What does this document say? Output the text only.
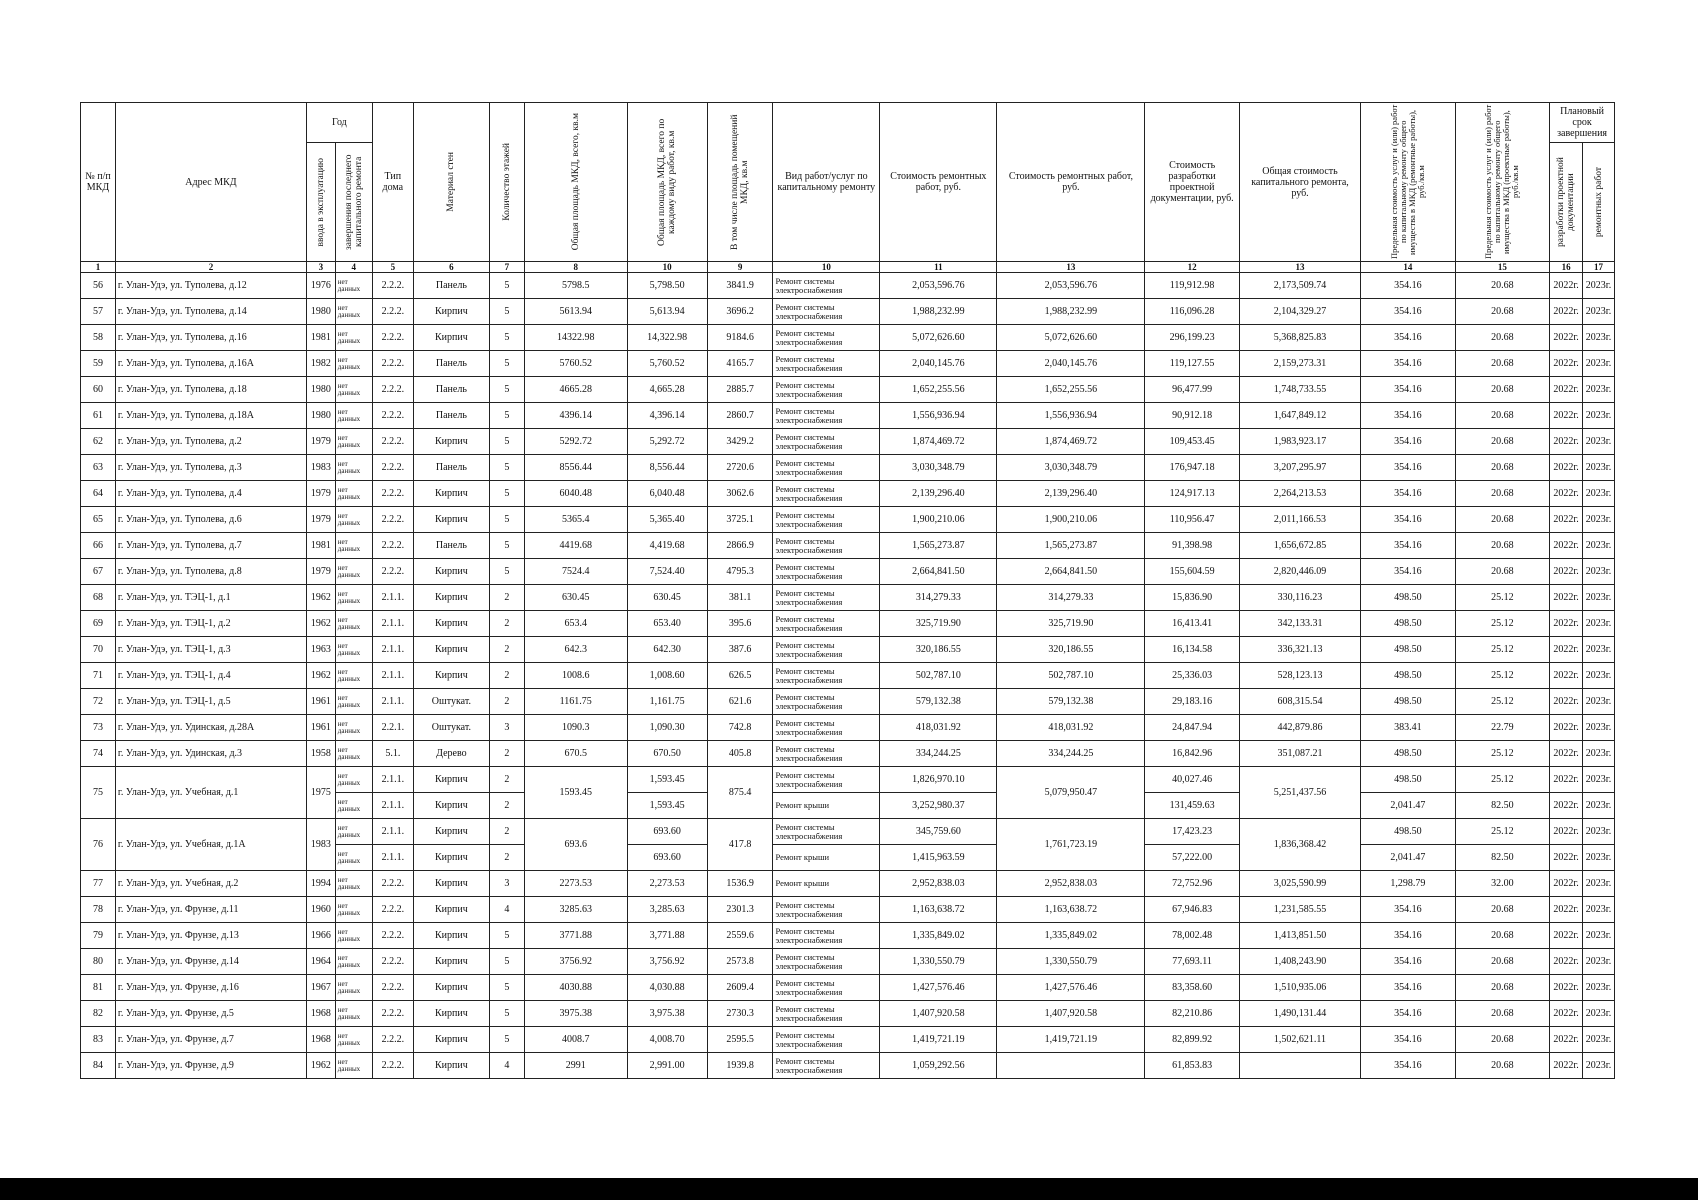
№ п/п МКД	Адрес МКД	Год		Тип дома	Материал стен	Количество этажей	Общая площадь МКД, всего, кв.м	Общая площадь МКД, всего по каждому виду работ, кв.м	В том числе площадь помещений МКД, кв.м	Вид работ/услуг по капитальному ремонту	Стоимость ремонтных работ, руб.	Стоимость ремонтных работ, руб.	Стоимость разработки проектной документации, руб.	Общая стоимость капитального ремонта, руб.	Предельная стоимость услуг и (или) работ по капитальному ремонту общего имущества в МКД (ремонтные работы), руб./кв.м	Предельная стоимость услуг и (или) работ по капитальному ремонту общего имущества в МКД (проектные работы), руб./кв.м	Плановый срок завершения	

		ввода в эксплуатацию	завершения последнего капитального ремонта														разработки проектной документации	ремонтных работ

1	2	3	4	5	6	7	8	10	9	10	11	13	12	13	14	15	16	17
56	г. Улан-Удэ, ул. Туполева, д.12	1976	нет данных	2.2.2.	Панель	5	5798.5	5,798.50	3841.9	Ремонт системы электроснабжения	2,053,596.76	2,053,596.76	119,912.98	2,173,509.74	354.16	20.68	2022г.	2023г.
57	г. Улан-Удэ, ул. Туполева, д.14	1980	нет данных	2.2.2.	Кирпич	5	5613.94	5,613.94	3696.2	Ремонт системы электроснабжения	1,988,232.99	1,988,232.99	116,096.28	2,104,329.27	354.16	20.68	2022г.	2023г.
58	г. Улан-Удэ, ул. Туполева, д.16	1981	нет данных	2.2.2.	Кирпич	5	14322.98	14,322.98	9184.6	Ремонт системы электроснабжения	5,072,626.60	5,072,626.60	296,199.23	5,368,825.83	354.16	20.68	2022г.	2023г.
59	г. Улан-Удэ, ул. Туполева, д.16А	1982	нет данных	2.2.2.	Панель	5	5760.52	5,760.52	4165.7	Ремонт системы электроснабжения	2,040,145.76	2,040,145.76	119,127.55	2,159,273.31	354.16	20.68	2022г.	2023г.
60	г. Улан-Удэ, ул. Туполева, д.18	1980	нет данных	2.2.2.	Панель	5	4665.28	4,665.28	2885.7	Ремонт системы электроснабжения	1,652,255.56	1,652,255.56	96,477.99	1,748,733.55	354.16	20.68	2022г.	2023г.
61	г. Улан-Удэ, ул. Туполева, д.18А	1980	нет данных	2.2.2.	Панель	5	4396.14	4,396.14	2860.7	Ремонт системы электроснабжения	1,556,936.94	1,556,936.94	90,912.18	1,647,849.12	354.16	20.68	2022г.	2023г.
62	г. Улан-Удэ, ул. Туполева, д.2	1979	нет данных	2.2.2.	Кирпич	5	5292.72	5,292.72	3429.2	Ремонт системы электроснабжения	1,874,469.72	1,874,469.72	109,453.45	1,983,923.17	354.16	20.68	2022г.	2023г.
63	г. Улан-Удэ, ул. Туполева, д.3	1983	нет данных	2.2.2.	Панель	5	8556.44	8,556.44	2720.6	Ремонт системы электроснабжения	3,030,348.79	3,030,348.79	176,947.18	3,207,295.97	354.16	20.68	2022г.	2023г.
64	г. Улан-Удэ, ул. Туполева, д.4	1979	нет данных	2.2.2.	Кирпич	5	6040.48	6,040.48	3062.6	Ремонт системы электроснабжения	2,139,296.40	2,139,296.40	124,917.13	2,264,213.53	354.16	20.68	2022г.	2023г.
65	г. Улан-Удэ, ул. Туполева, д.6	1979	нет данных	2.2.2.	Кирпич	5	5365.4	5,365.40	3725.1	Ремонт системы электроснабжения	1,900,210.06	1,900,210.06	110,956.47	2,011,166.53	354.16	20.68	2022г.	2023г.
66	г. Улан-Удэ, ул. Туполева, д.7	1981	нет данных	2.2.2.	Панель	5	4419.68	4,419.68	2866.9	Ремонт системы электроснабжения	1,565,273.87	1,565,273.87	91,398.98	1,656,672.85	354.16	20.68	2022г.	2023г.
67	г. Улан-Удэ, ул. Туполева, д.8	1979	нет данных	2.2.2.	Кирпич	5	7524.4	7,524.40	4795.3	Ремонт системы электроснабжения	2,664,841.50	2,664,841.50	155,604.59	2,820,446.09	354.16	20.68	2022г.	2023г.
68	г. Улан-Удэ, ул. ТЭЦ-1, д.1	1962	нет данных	2.1.1.	Кирпич	2	630.45	630.45	381.1	Ремонт системы электроснабжения	314,279.33	314,279.33	15,836.90	330,116.23	498.50	25.12	2022г.	2023г.
69	г. Улан-Удэ, ул. ТЭЦ-1, д.2	1962	нет данных	2.1.1.	Кирпич	2	653.4	653.40	395.6	Ремонт системы электроснабжения	325,719.90	325,719.90	16,413.41	342,133.31	498.50	25.12	2022г.	2023г.
70	г. Улан-Удэ, ул. ТЭЦ-1, д.3	1963	нет данных	2.1.1.	Кирпич	2	642.3	642.30	387.6	Ремонт системы электроснабжения	320,186.55	320,186.55	16,134.58	336,321.13	498.50	25.12	2022г.	2023г.
71	г. Улан-Удэ, ул. ТЭЦ-1, д.4	1962	нет данных	2.1.1.	Кирпич	2	1008.6	1,008.60	626.5	Ремонт системы электроснабжения	502,787.10	502,787.10	25,336.03	528,123.13	498.50	25.12	2022г.	2023г.
72	г. Улан-Удэ, ул. ТЭЦ-1, д.5	1961	нет данных	2.1.1.	Оштукат.	2	1161.75	1,161.75	621.6	Ремонт системы электроснабжения	579,132.38	579,132.38	29,183.16	608,315.54	498.50	25.12	2022г.	2023г.
73	г. Улан-Удэ, ул. Удинская, д.28А	1961	нет данных	2.2.1.	Оштукат.	3	1090.3	1,090.30	742.8	Ремонт системы электроснабжения	418,031.92	418,031.92	24,847.94	442,879.86	383.41	22.79	2022г.	2023г.
74	г. Улан-Удэ, ул. Удинская, д.3	1958	нет данных	5.1.	Дерево	2	670.5	670.50	405.8	Ремонт системы электроснабжения	334,244.25	334,244.25	16,842.96	351,087.21	498.50	25.12	2022г.	2023г.
75	г. Улан-Удэ, ул. Учебная, д.1	1975	нет данных	2.1.1.	Кирпич	2	1593.45	1,593.45	875.4	Ремонт системы электроснабжения	1,826,970.10	5,079,950.47	40,027.46	5,251,437.56	498.50	25.12	2022г.	2023г.
			нет данных	2.1.1.	Кирпич	2		1,593.45		Ремонт крыши	3,252,980.37		131,459.63		2,041.47	82.50	2022г.	2023г.
76	г. Улан-Удэ, ул. Учебная, д.1А	1983	нет данных	2.1.1.	Кирпич	2	693.6	693.60	417.8	Ремонт системы электроснабжения	345,759.60	1,761,723.19	17,423.23	1,836,368.42	498.50	25.12	2022г.	2023г.
			нет данных	2.1.1.	Кирпич	2		693.60		Ремонт крыши	1,415,963.59		57,222.00		2,041.47	82.50	2022г.	2023г.
77	г. Улан-Удэ, ул. Учебная, д.2	1994	нет данных	2.2.2.	Кирпич	3	2273.53	2,273.53	1536.9	Ремонт крыши	2,952,838.03	2,952,838.03	72,752.96	3,025,590.99	1,298.79	32.00	2022г.	2023г.
78	г. Улан-Удэ, ул. Фрунзе, д.11	1960	нет данных	2.2.2.	Кирпич	4	3285.63	3,285.63	2301.3	Ремонт системы электроснабжения	1,163,638.72	1,163,638.72	67,946.83	1,231,585.55	354.16	20.68	2022г.	2023г.
79	г. Улан-Удэ, ул. Фрунзе, д.13	1966	нет данных	2.2.2.	Кирпич	5	3771.88	3,771.88	2559.6	Ремонт системы электроснабжения	1,335,849.02	1,335,849.02	78,002.48	1,413,851.50	354.16	20.68	2022г.	2023г.
80	г. Улан-Удэ, ул. Фрунзе, д.14	1964	нет данных	2.2.2.	Кирпич	5	3756.92	3,756.92	2573.8	Ремонт системы электроснабжения	1,330,550.79	1,330,550.79	77,693.11	1,408,243.90	354.16	20.68	2022г.	2023г.
81	г. Улан-Удэ, ул. Фрунзе, д.16	1967	нет данных	2.2.2.	Кирпич	5	4030.88	4,030.88	2609.4	Ремонт системы электроснабжения	1,427,576.46	1,427,576.46	83,358.60	1,510,935.06	354.16	20.68	2022г.	2023г.
82	г. Улан-Удэ, ул. Фрунзе, д.5	1968	нет данных	2.2.2.	Кирпич	5	3975.38	3,975.38	2730.3	Ремонт системы электроснабжения	1,407,920.58	1,407,920.58	82,210.86	1,490,131.44	354.16	20.68	2022г.	2023г.
83	г. Улан-Удэ, ул. Фрунзе, д.7	1968	нет данных	2.2.2.	Кирпич	5	4008.7	4,008.70	2595.5	Ремонт системы электроснабжения	1,419,721.19	1,419,721.19	82,899.92	1,502,621.11	354.16	20.68	2022г.	2023г.
84	г. Улан-Удэ, ул. Фрунзе, д.9	1962	нет данных	2.2.2.	Кирпич	4	2991	2,991.00	1939.8	Ремонт системы электроснабжения	1,059,292.56		61,853.83		354.16	20.68	2022г.	2023г.
